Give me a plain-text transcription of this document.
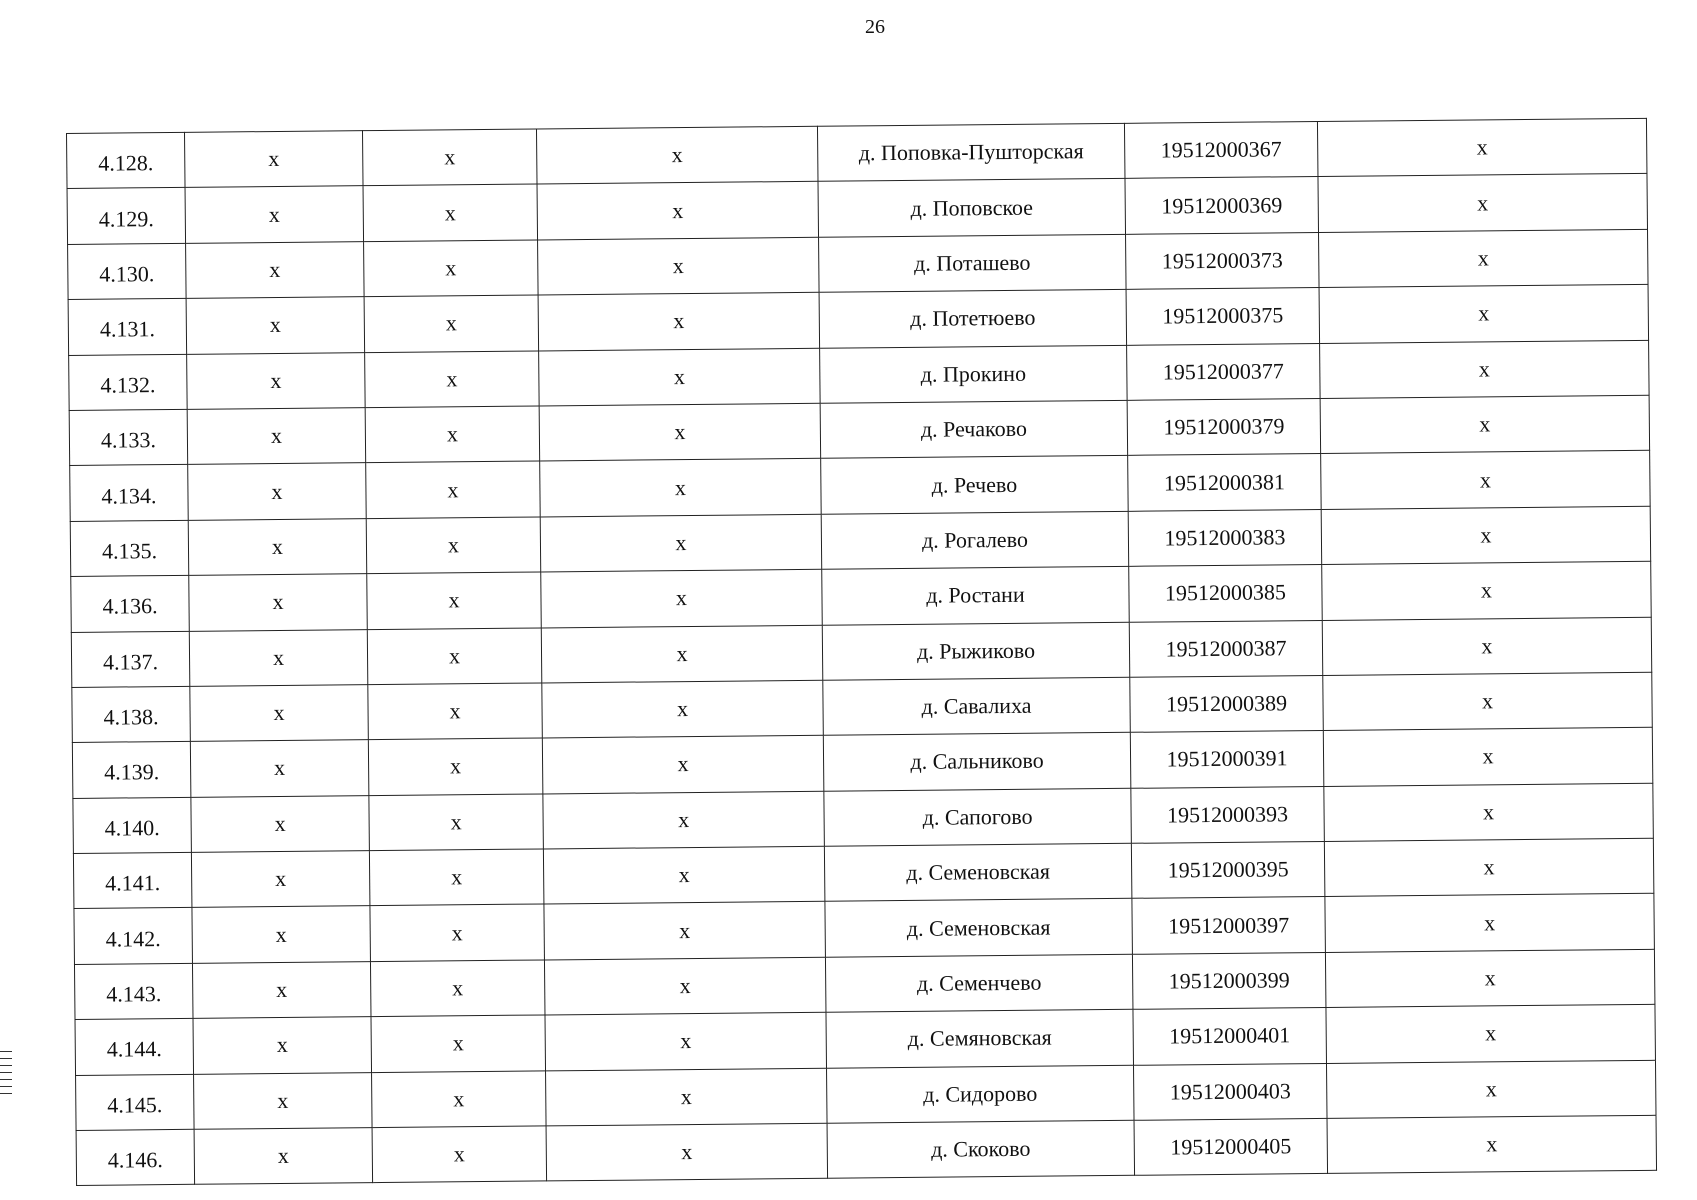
26
4.128.	x	x	x	д. Поповка-Пушторская	19512000367	x
4.129.	x	x	x	д. Поповское	19512000369	x
4.130.	x	x	x	д. Поташево	19512000373	x
4.131.	x	x	x	д. Потетюево	19512000375	x
4.132.	x	x	x	д. Прокино	19512000377	x
4.133.	x	x	x	д. Речаково	19512000379	x
4.134.	x	x	x	д. Речево	19512000381	x
4.135.	x	x	x	д. Рогалево	19512000383	x
4.136.	x	x	x	д. Ростани	19512000385	x
4.137.	x	x	x	д. Рыжиково	19512000387	x
4.138.	x	x	x	д. Савалиха	19512000389	x
4.139.	x	x	x	д. Сальниково	19512000391	x
4.140.	x	x	x	д. Сапогово	19512000393	x
4.141.	x	x	x	д. Семеновская	19512000395	x
4.142.	x	x	x	д. Семеновская	19512000397	x
4.143.	x	x	x	д. Семенчево	19512000399	x
4.144.	x	x	x	д. Семяновская	19512000401	x
4.145.	x	x	x	д. Сидорово	19512000403	x
4.146.	x	x	x	д. Скоково	19512000405	x
